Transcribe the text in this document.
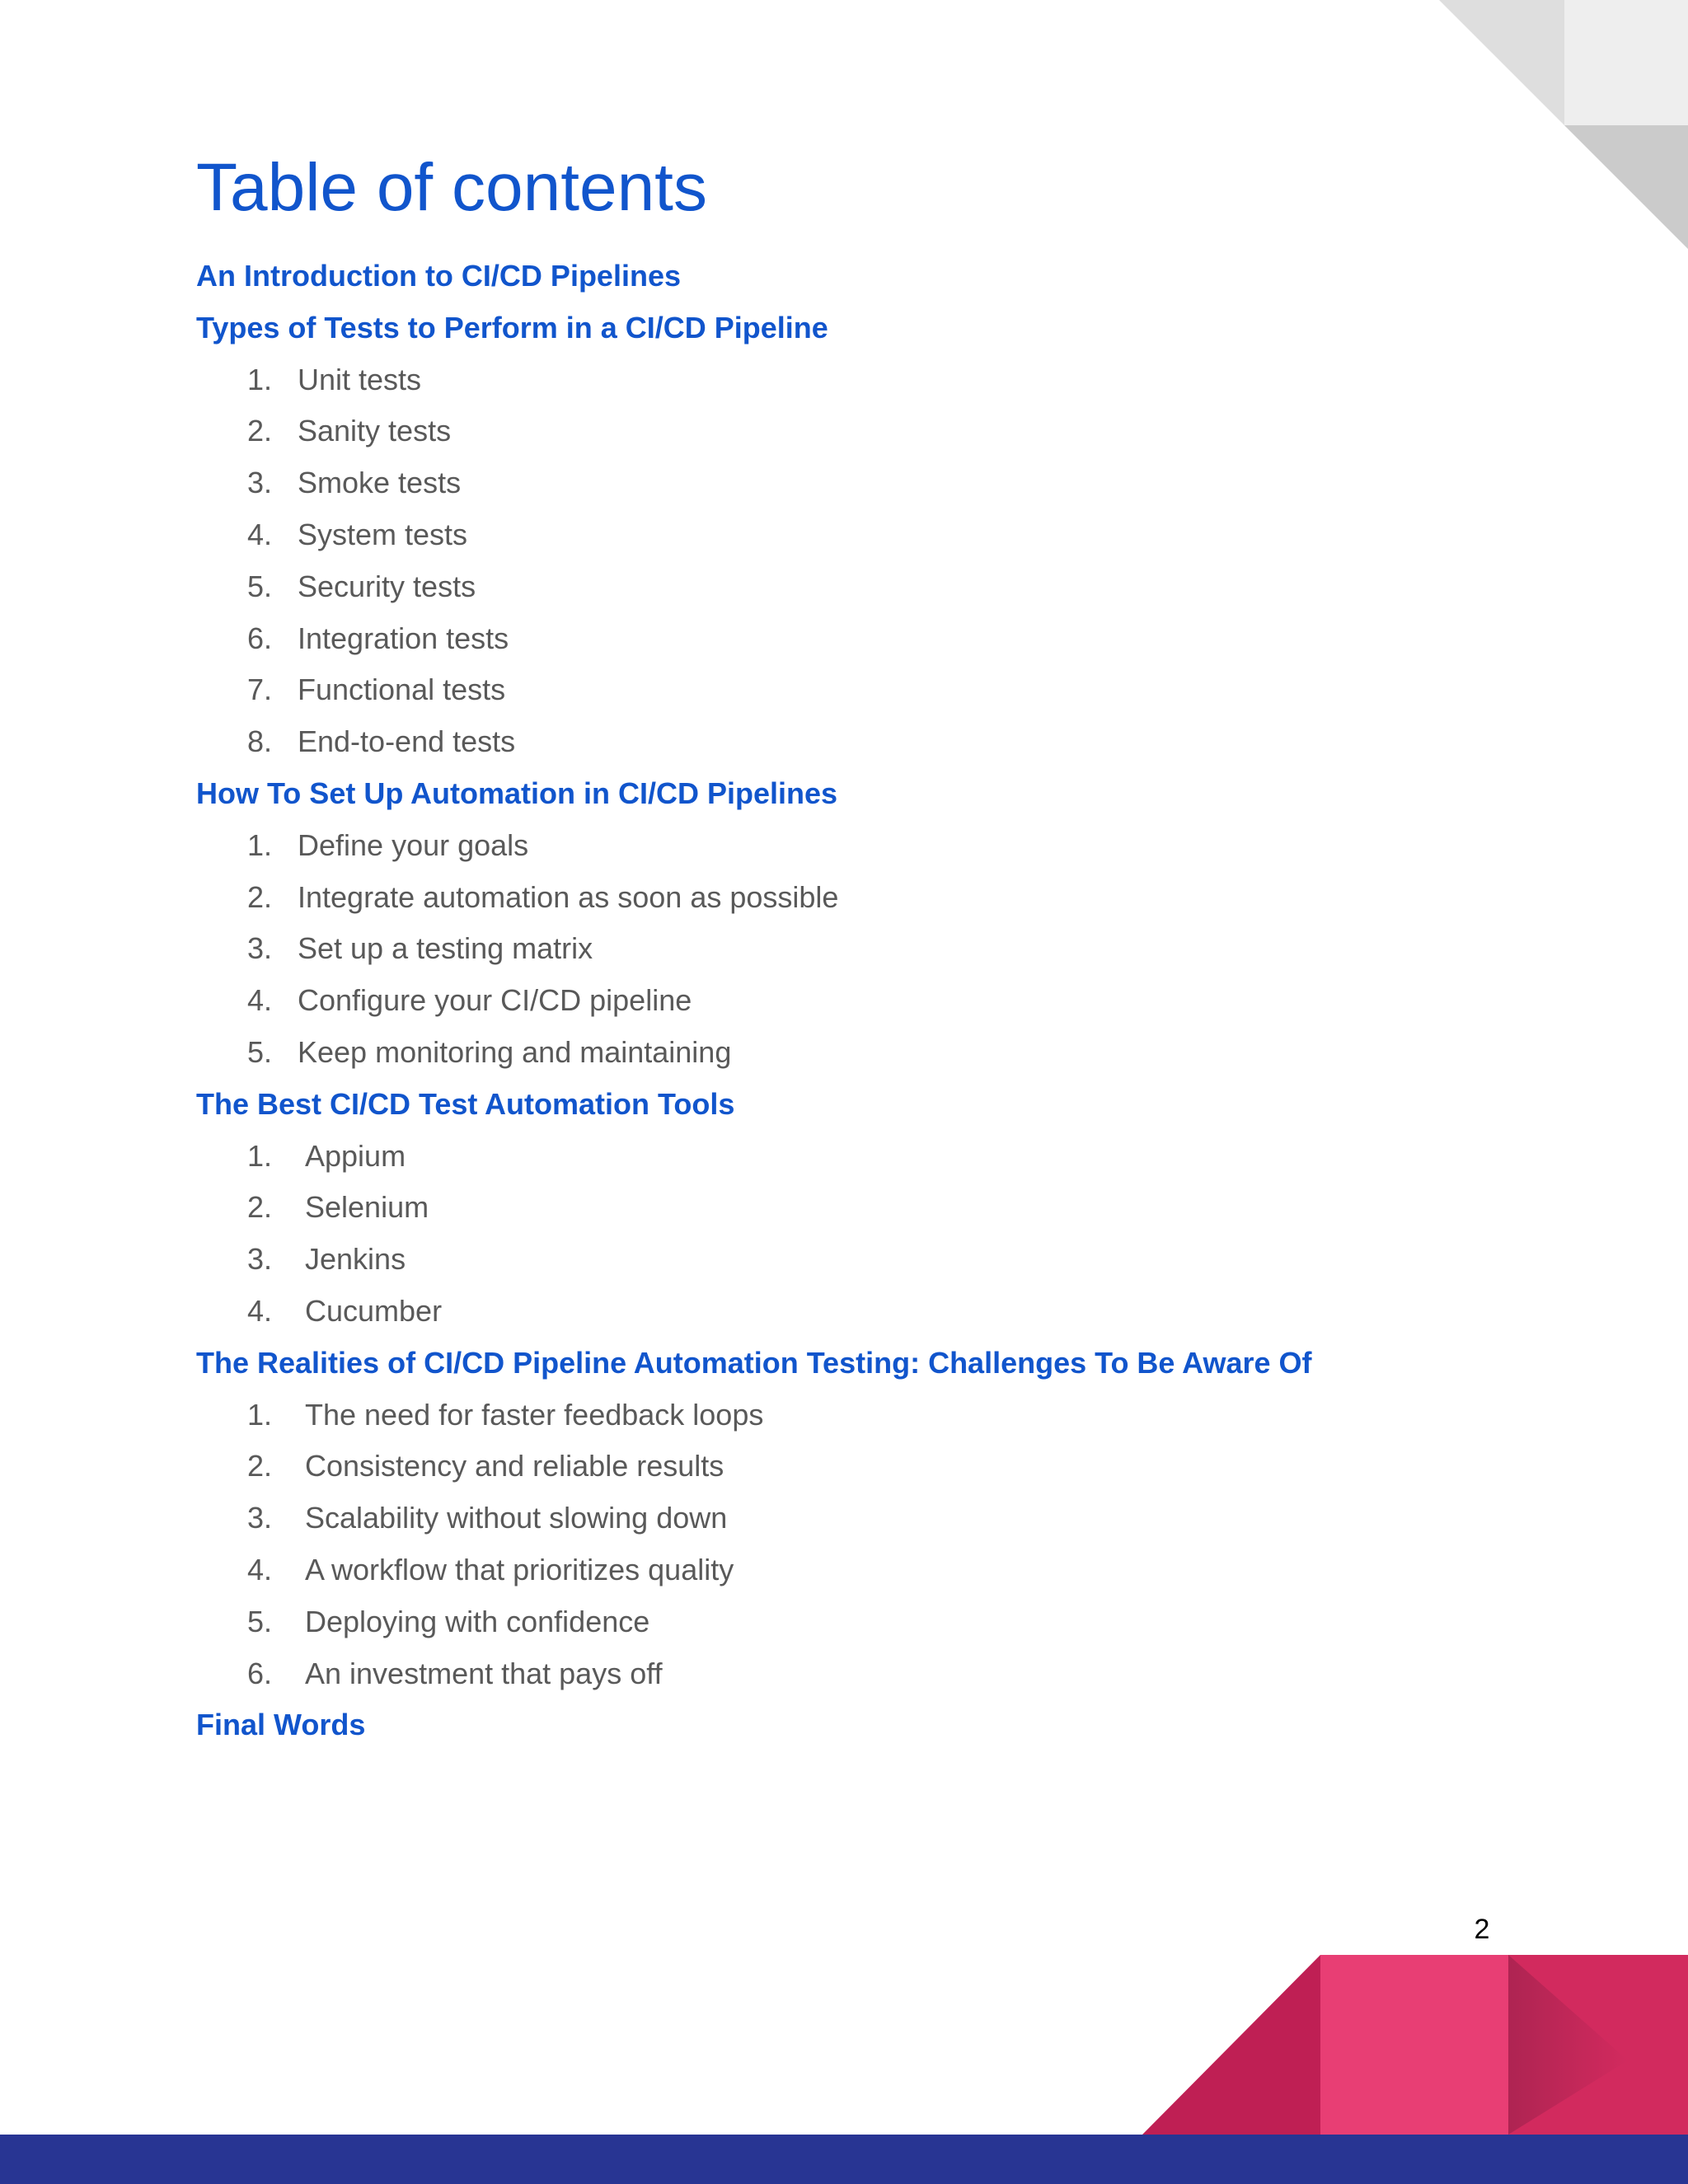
Table of contents
An Introduction to CI/CD Pipelines
Types of Tests to Perform in a CI/CD Pipeline
1. Unit tests
2. Sanity tests
3. Smoke tests
4. System tests
5. Security tests
6. Integration tests
7. Functional tests
8. End-to-end tests
How To Set Up Automation in CI/CD Pipelines
1. Define your goals
2. Integrate automation as soon as possible
3. Set up a testing matrix
4. Configure your CI/CD pipeline
5. Keep monitoring and maintaining
The Best CI/CD Test Automation Tools
1. Appium
2. Selenium
3. Jenkins
4. Cucumber
The Realities of CI/CD Pipeline Automation Testing: Challenges To Be Aware Of
1. The need for faster feedback loops
2. Consistency and reliable results
3. Scalability without slowing down
4. A workflow that prioritizes quality
5. Deploying with confidence
6. An investment that pays off
Final Words
2
